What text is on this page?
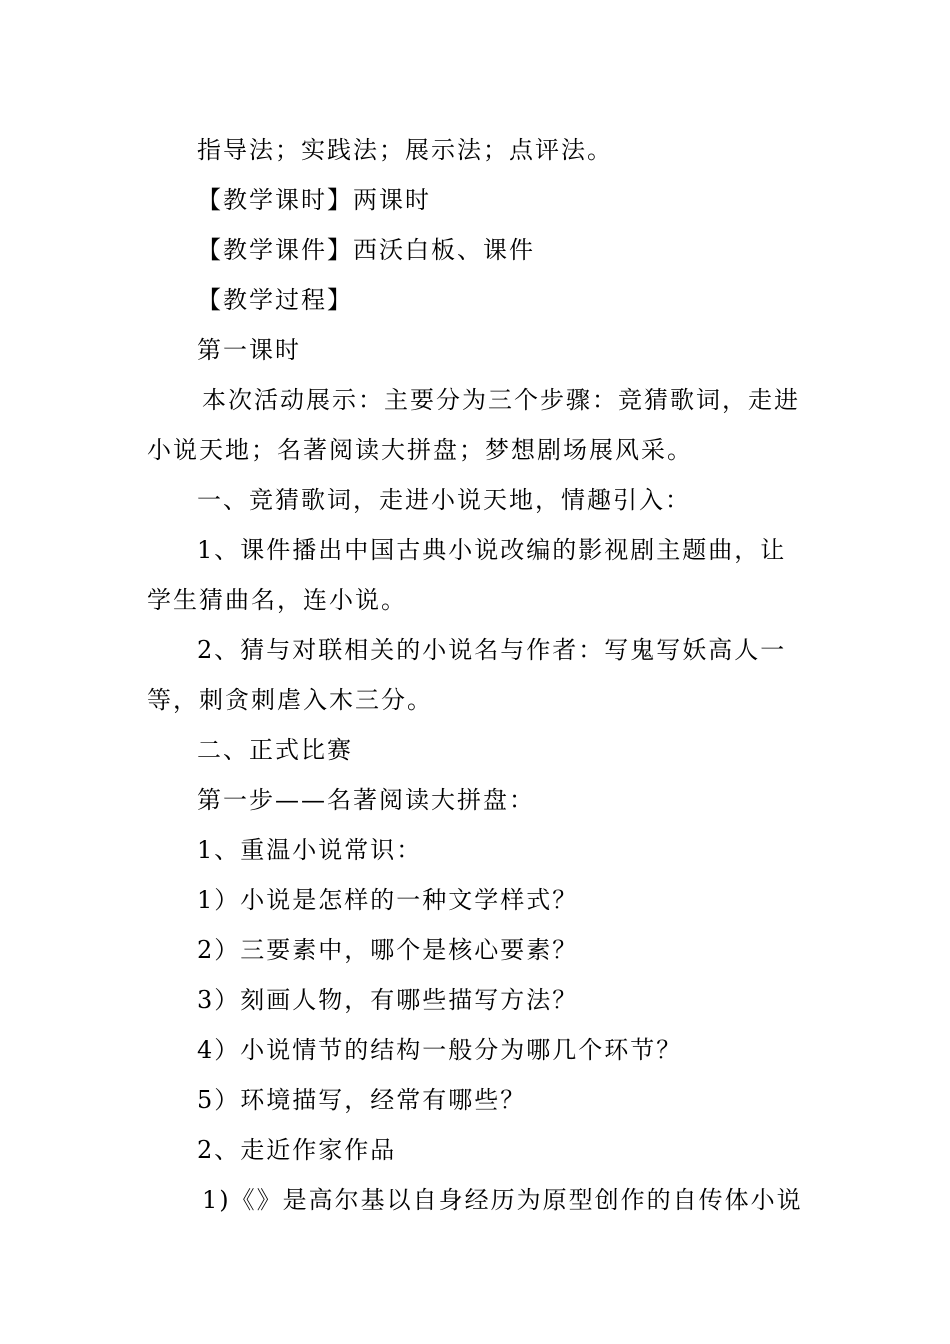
指导法；实践法；展示法；点评法。

【教学课时】两课时

【教学课件】西沃白板、课件

【教学过程】

第一课时

本次活动展示：主要分为三个步骤：竞猜歌词，走进小说天地；名著阅读大拼盘；梦想剧场展风采。

一、竞猜歌词，走进小说天地，情趣引入：

1、课件播出中国古典小说改编的影视剧主题曲，让学生猜曲名，连小说。

2、猜与对联相关的小说名与作者：写鬼写妖高人一等，刺贪刺虐入木三分。

二、正式比赛

第一步——名著阅读大拼盘：

1、重温小说常识：

1）小说是怎样的一种文学样式？

2）三要素中，哪个是核心要素？

3）刻画人物，有哪些描写方法？

4）小说情节的结构一般分为哪几个环节？

5）环境描写，经常有哪些？

2、走近作家作品

1)《》是高尔基以自身经历为原型创作的自传体小说
